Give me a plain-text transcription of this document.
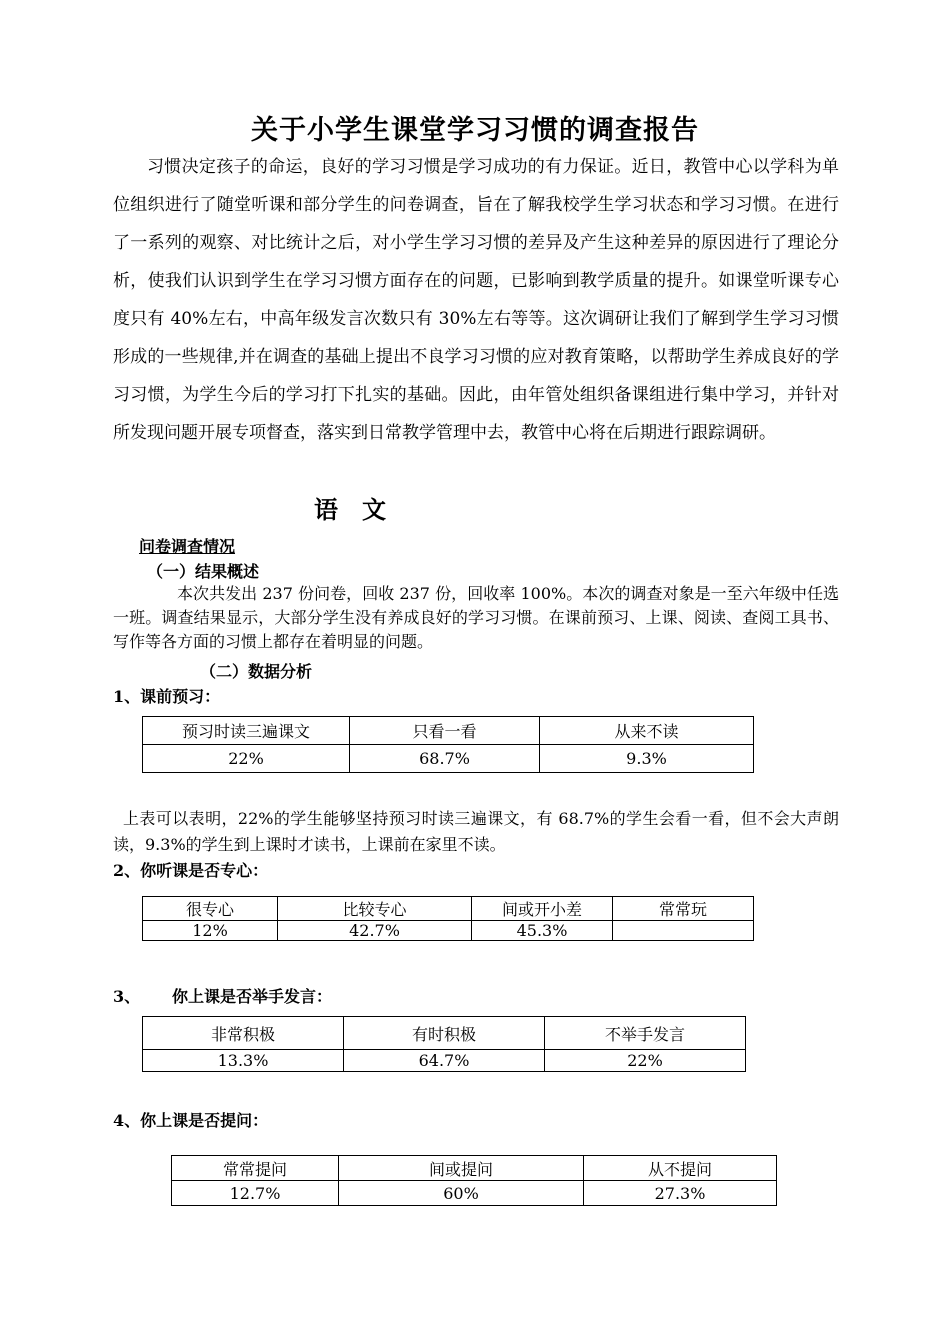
关于小学生课堂学习习惯的调查报告

习惯决定孩子的命运，良好的学习习惯是学习成功的有力保证。近日，教管中心以学科为单位组织进行了随堂听课和部分学生的问卷调查，旨在了解我校学生学习状态和学习习惯。在进行了一系列的观察、对比统计之后，对小学生学习习惯的差异及产生这种差异的原因进行了理论分析，使我们认识到学生在学习习惯方面存在的问题，已影响到教学质量的提升。如课堂听课专心度只有 40%左右，中高年级发言次数只有 30%左右等等。这次调研让我们了解到学生学习习惯形成的一些规律,并在调查的基础上提出不良学习习惯的应对教育策略，以帮助学生养成良好的学习习惯，为学生今后的学习打下扎实的基础。因此，由年管处组织备课组进行集中学习，并针对所发现问题开展专项督查，落实到日常教学管理中去，教管中心将在后期进行跟踪调研。

语文
问卷调查情况
（一）结果概述

本次共发出 237 份问卷，回收 237 份，回收率 100%。本次的调查对象是一至六年级中任选一班。调查结果显示，大部分学生没有养成良好的学习习惯。在课前预习、上课、阅读、查阅工具书、写作等各方面的习惯上都存在着明显的问题。

（二）数据分析
1、课前预习：
预习时读三遍课文	只看一看	从来不读
22%	68.7%	9.3%

上表可以表明，22%的学生能够坚持预习时读三遍课文，有 68.7%的学生会看一看，但不会大声朗读，9.3%的学生到上课时才读书，上课前在家里不读。

2、你听课是否专心：
很专心	比较专心	间或开小差	常常玩
12%	42.7%	45.3%	
3、 你上课是否举手发言：
非常积极	有时积极	不举手发言
13.3%	64.7%	22%
4、你上课是否提问：
常常提问	间或提问	从不提问
12.7%	60%	27.3%
